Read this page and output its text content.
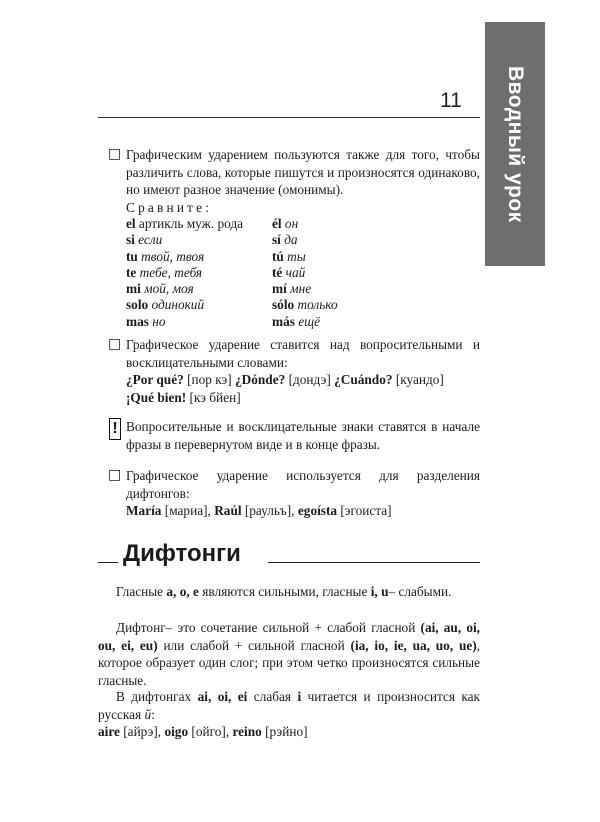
Вводный урок
11
□ Графическим ударением пользуются также для того, чтобы различить слова, которые пишутся и произносятся одинаково, но имеют разное значение (омонимы).
Сравните:
el артикль муж. рода	él он
si если	sí да
tu твой, твоя	tú ты
te тебе, тебя	té чай
mi мой, моя	mí мне
solo одинокий	sólo только
mas но	más ещё
□ Графическое ударение ставится над вопросительными и восклицательными словами:
¿Por qué? [пор кэ] ¿Dónde? [дондэ] ¿Cuándo? [куандо]
¡Qué bien! [кэ бйен]
! Вопросительные и восклицательные знаки ставятся в начале фразы в перевернутом виде и в конце фразы.
□ Графическое ударение используется для разделения дифтонгов:
María [мариа], Raúl [раульъ], egoísta [эгоиста]
Дифтонги
Гласные a, o, e являются сильными, гласные i, u– слабыми.
Дифтонг– это сочетание сильной + слабой гласной (ai, au, oi, ou, ei, eu) или слабой + сильной гласной (ia, io, ie, ua, uo, ue), которое образует один слог; при этом четко произносятся сильные гласные.
В дифтонгах ai, oi, ei слабая i читается и произносится как русская й:
aire [айрэ], oigo [ойго], reino [рэйно]
